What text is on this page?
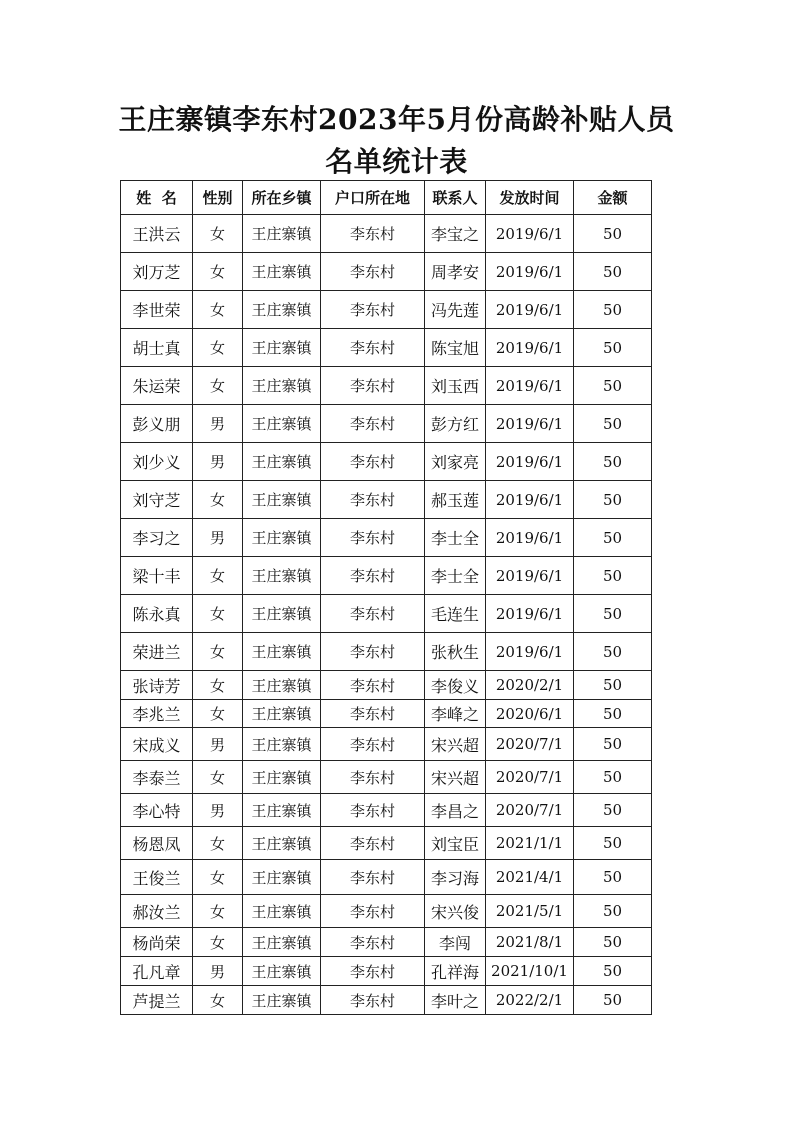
王庄寨镇李东村2023年5月份高龄补贴人员
名单统计表
姓  名	性别	所在乡镇	户口所在地	联系人	发放时间	金额
王洪云	女	王庄寨镇	李东村	李宝之	2019/6/1	50
刘万芝	女	王庄寨镇	李东村	周孝安	2019/6/1	50
李世荣	女	王庄寨镇	李东村	冯先莲	2019/6/1	50
胡士真	女	王庄寨镇	李东村	陈宝旭	2019/6/1	50
朱运荣	女	王庄寨镇	李东村	刘玉西	2019/6/1	50
彭义朋	男	王庄寨镇	李东村	彭方红	2019/6/1	50
刘少义	男	王庄寨镇	李东村	刘家亮	2019/6/1	50
刘守芝	女	王庄寨镇	李东村	郝玉莲	2019/6/1	50
李习之	男	王庄寨镇	李东村	李士全	2019/6/1	50
梁十丰	女	王庄寨镇	李东村	李士全	2019/6/1	50
陈永真	女	王庄寨镇	李东村	毛连生	2019/6/1	50
荣进兰	女	王庄寨镇	李东村	张秋生	2019/6/1	50
张诗芳	女	王庄寨镇	李东村	李俊义	2020/2/1	50
李兆兰	女	王庄寨镇	李东村	李峰之	2020/6/1	50
宋成义	男	王庄寨镇	李东村	宋兴超	2020/7/1	50
李泰兰	女	王庄寨镇	李东村	宋兴超	2020/7/1	50
李心特	男	王庄寨镇	李东村	李昌之	2020/7/1	50
杨恩凤	女	王庄寨镇	李东村	刘宝臣	2021/1/1	50
王俊兰	女	王庄寨镇	李东村	李习海	2021/4/1	50
郝汝兰	女	王庄寨镇	李东村	宋兴俊	2021/5/1	50
杨尚荣	女	王庄寨镇	李东村	李闯	2021/8/1	50
孔凡章	男	王庄寨镇	李东村	孔祥海	2021/10/1	50
芦提兰	女	王庄寨镇	李东村	李叶之	2022/2/1	50
